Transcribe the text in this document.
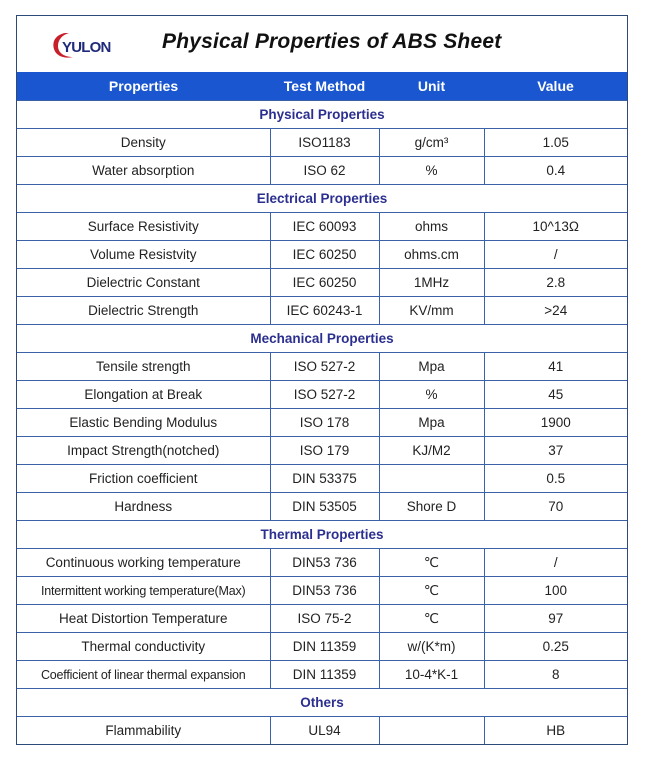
YULON Physical Properties of ABS Sheet
Properties	Test Method	Unit	Value
Physical Properties			
Density	ISO1183	g/cm³	1.05
Water absorption	ISO 62	%	0.4
Electrical Properties			
Surface Resistivity	IEC 60093	ohms	10^13Ω
Volume Resistvity	IEC 60250	ohms.cm	/
Dielectric Constant	IEC 60250	1MHz	2.8
Dielectric Strength	IEC 60243-1	KV/mm	>24
Mechanical Properties			
Tensile strength	ISO 527-2	Mpa	41
Elongation at Break	ISO 527-2	%	45
Elastic Bending Modulus	ISO 178	Mpa	1900
Impact Strength(notched)	ISO 179	KJ/M2	37
Friction coefficient	DIN 53375		0.5
Hardness	DIN 53505	Shore D	70
Thermal Properties			
Continuous working temperature	DIN53 736	℃	/
Intermittent working temperature(Max)	DIN53 736	℃	100
Heat Distortion Temperature	ISO 75-2	℃	97
Thermal conductivity	DIN 11359	w/(K*m)	0.25
Coefficient of linear thermal expansion	DIN 11359	10-4*K-1	8
Others			
Flammability	UL94		HB
